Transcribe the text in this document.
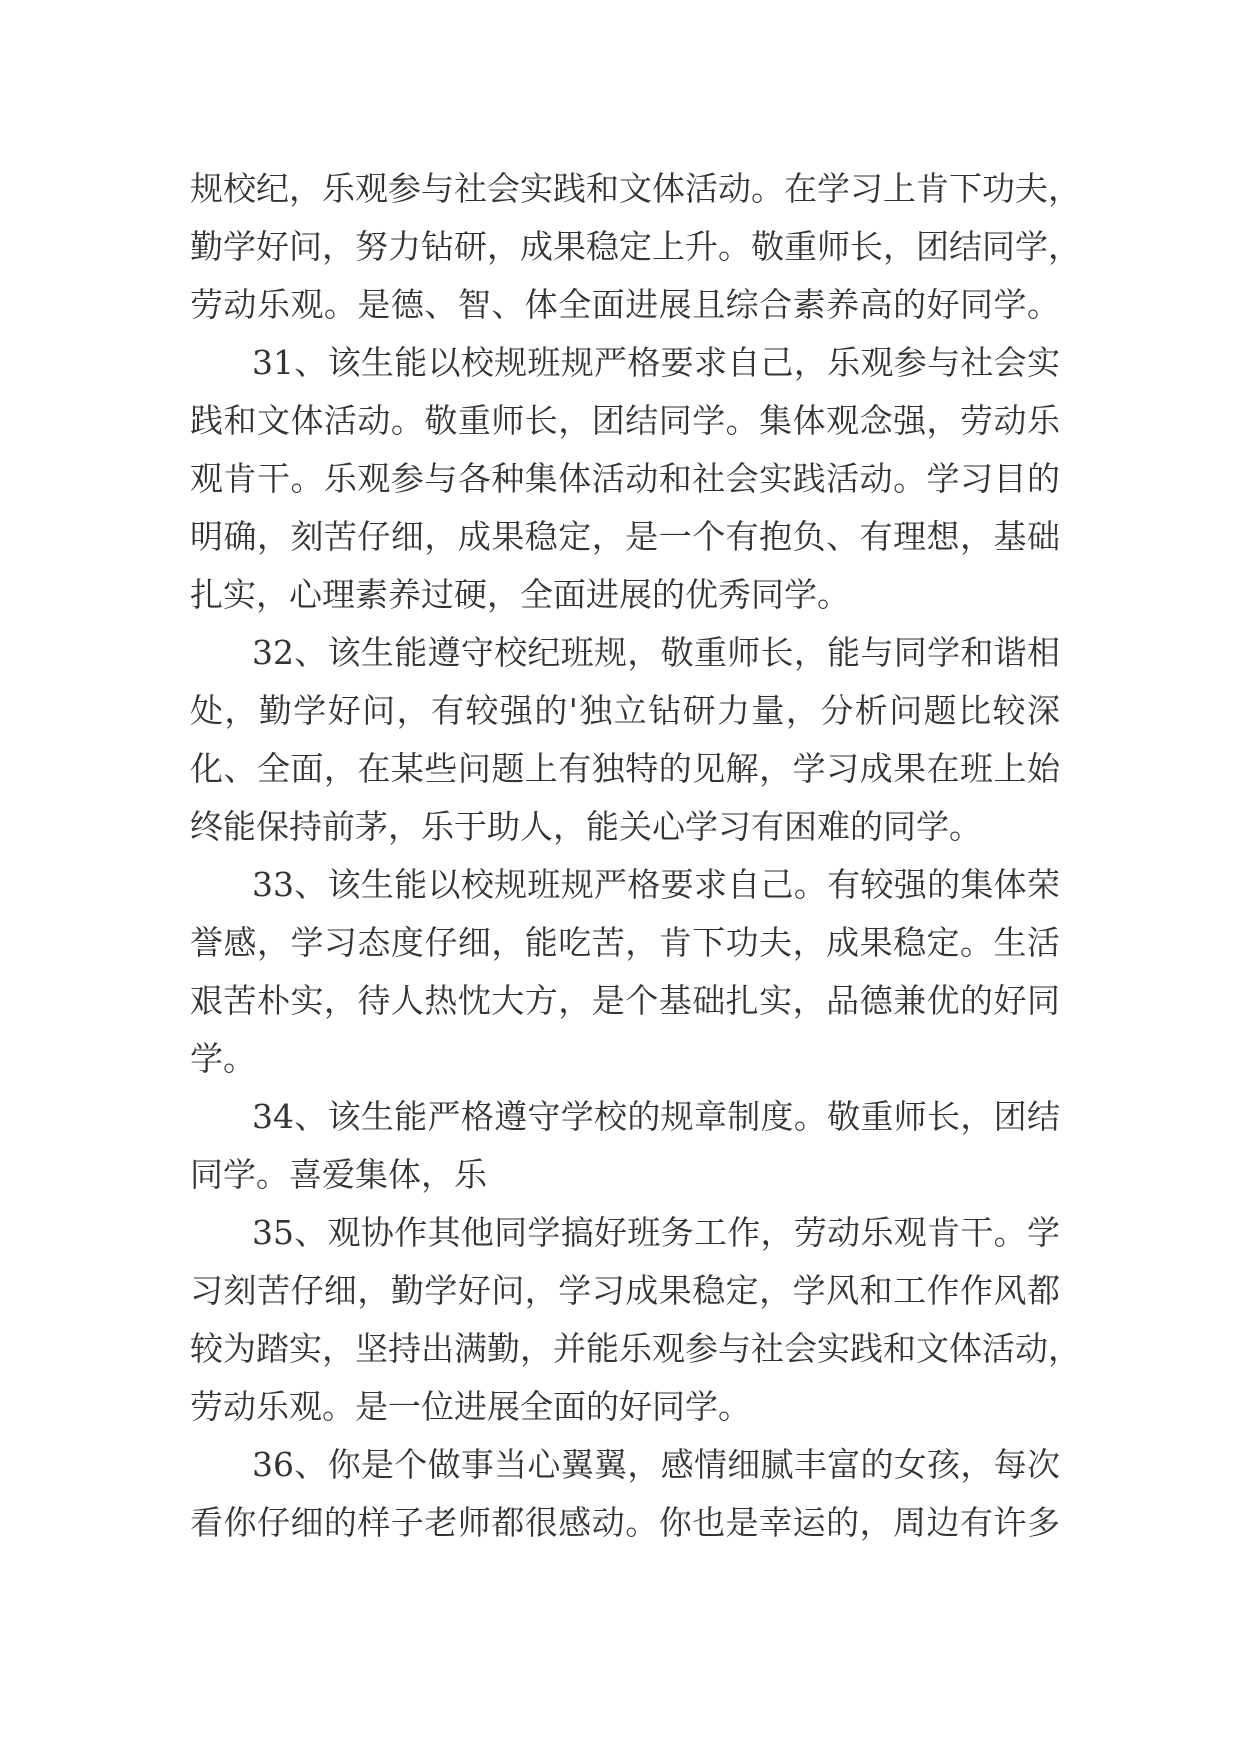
规校纪，乐观参与社会实践和文体活动。在学习上肯下功夫，
勤学好问，努力钻研，成果稳定上升。敬重师长，团结同学，
劳动乐观。是德、智、体全面进展且综合素养高的好同学。
31、该生能以校规班规严格要求自己，乐观参与社会实
践和文体活动。敬重师长，团结同学。集体观念强，劳动乐
观肯干。乐观参与各种集体活动和社会实践活动。学习目的
明确，刻苦仔细，成果稳定，是一个有抱负、有理想，基础
扎实，心理素养过硬，全面进展的优秀同学。
32、该生能遵守校纪班规，敬重师长，能与同学和谐相
处，勤学好问，有较强的'独立钻研力量，分析问题比较深
化、全面，在某些问题上有独特的见解，学习成果在班上始
终能保持前茅，乐于助人，能关心学习有困难的同学。
33、该生能以校规班规严格要求自己。有较强的集体荣
誉感，学习态度仔细，能吃苦，肯下功夫，成果稳定。生活
艰苦朴实，待人热忱大方，是个基础扎实，品德兼优的好同
学。
34、该生能严格遵守学校的规章制度。敬重师长，团结
同学。喜爱集体，乐
35、观协作其他同学搞好班务工作，劳动乐观肯干。学
习刻苦仔细，勤学好问，学习成果稳定，学风和工作作风都
较为踏实，坚持出满勤，并能乐观参与社会实践和文体活动，
劳动乐观。是一位进展全面的好同学。
36、你是个做事当心翼翼，感情细腻丰富的女孩，每次
看你仔细的样子老师都很感动。你也是幸运的，周边有许多
